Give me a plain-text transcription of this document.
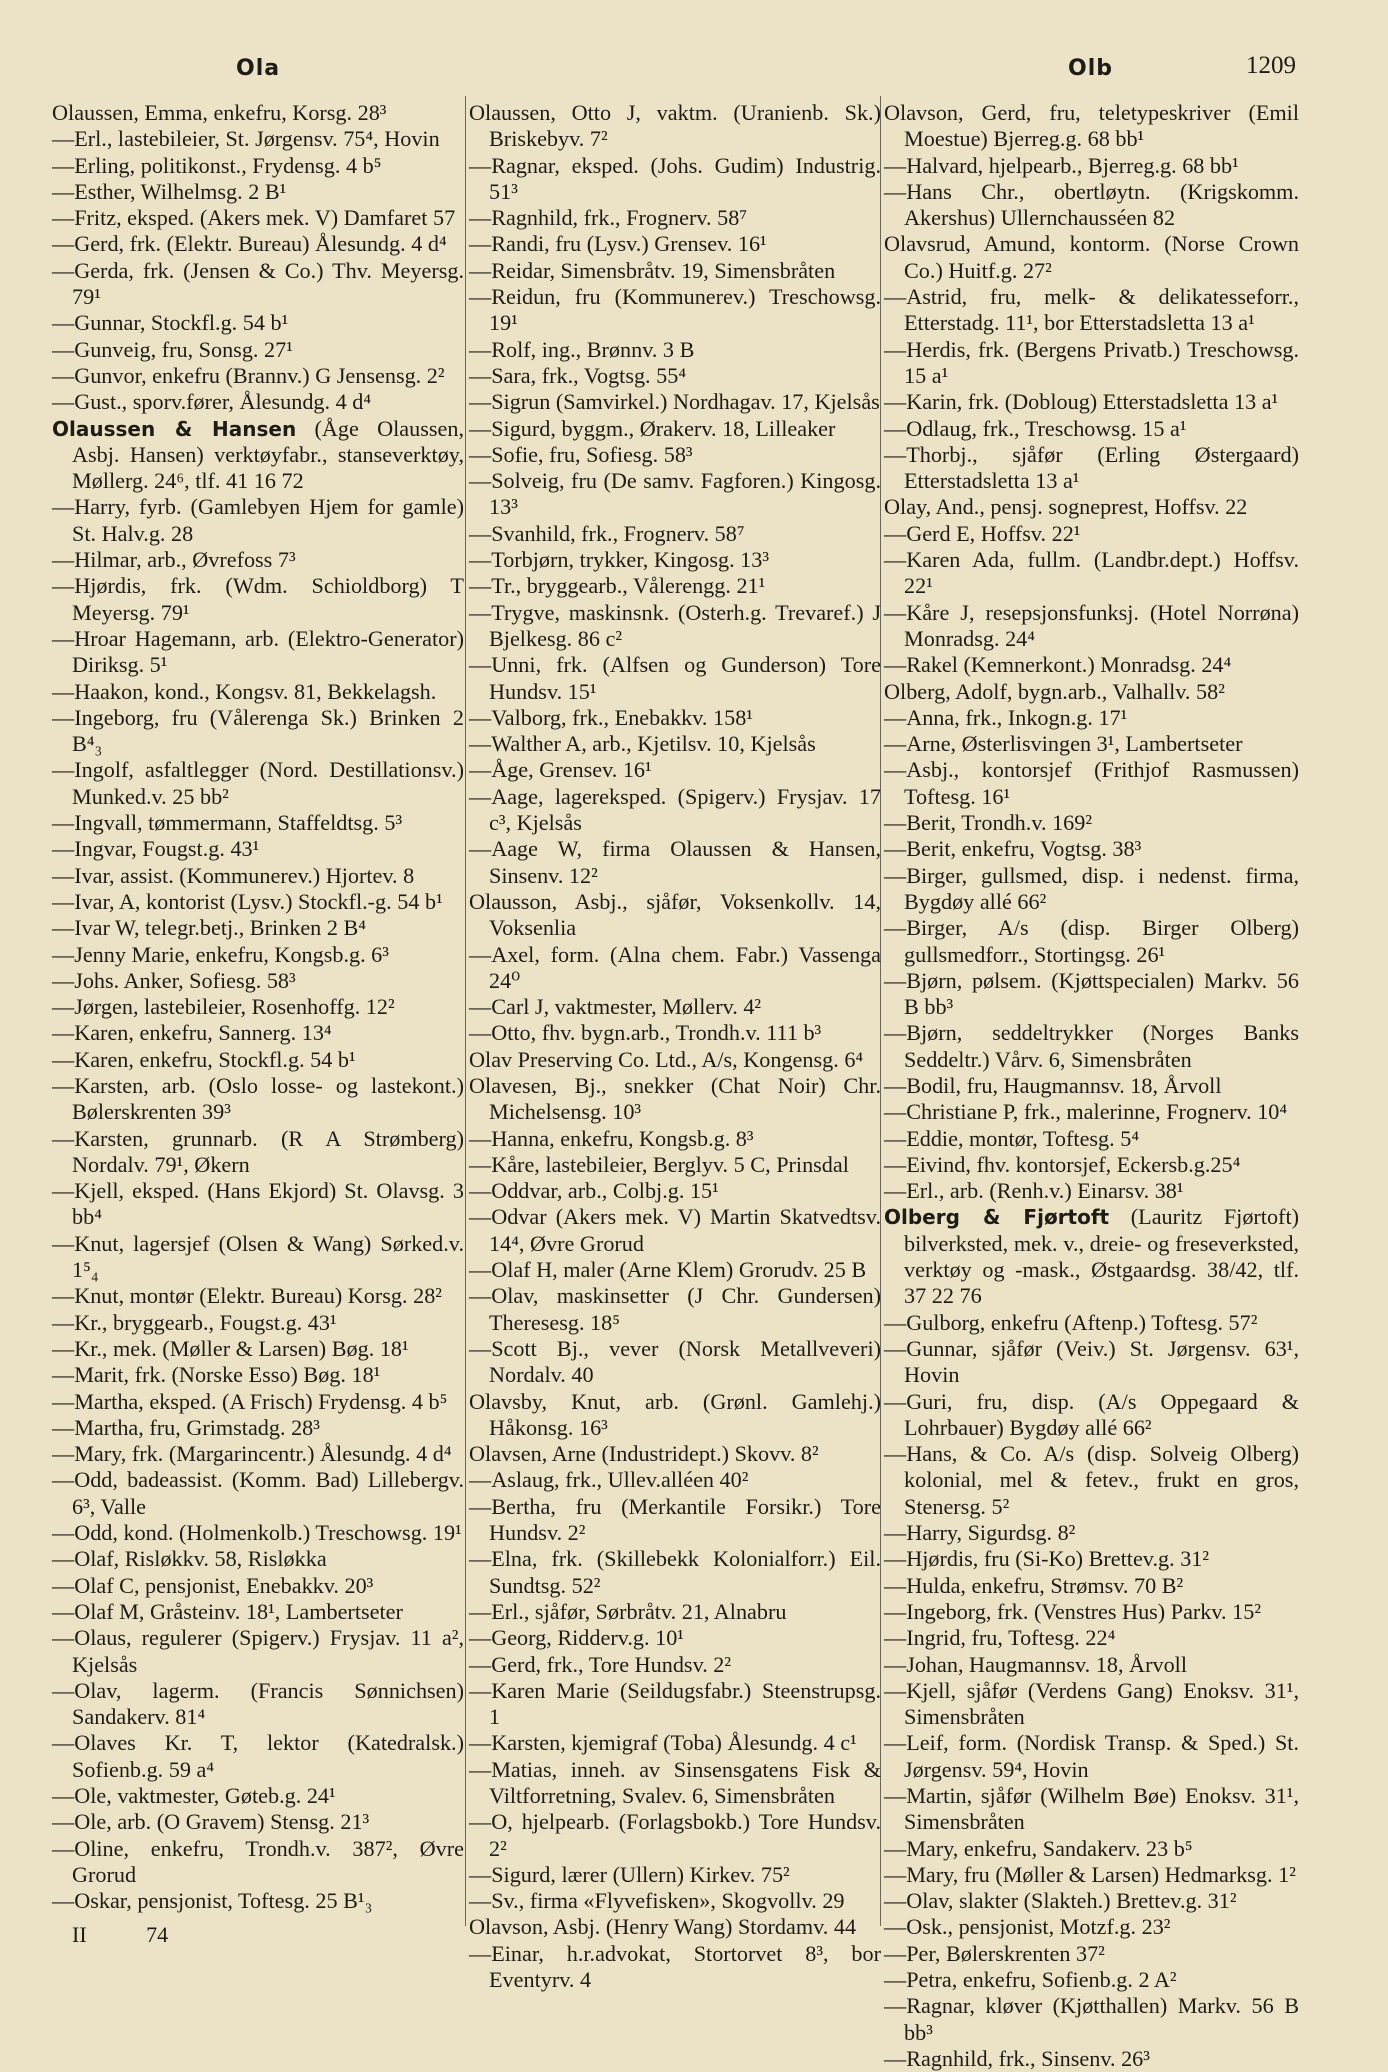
Ola	Olb	1209
Olaussen, Emma, enkefru, Korsg. 28³
—Erl., lastebileier, St. Jørgensv. 75⁴, Hovin
—Erling, politikonst., Frydensg. 4 b⁵
—Esther, Wilhelmsg. 2 B¹
—Fritz, eksped. (Akers mek. V) Damfaret 57
—Gerd, frk. (Elektr. Bureau) Ålesundg. 4 d⁴
—Gerda, frk. (Jensen & Co.) Thv. Meyersg. 79¹
—Gunnar, Stockfl.g. 54 b¹
—Gunveig, fru, Sonsg. 27¹
—Gunvor, enkefru (Brannv.) G Jensensg. 2²
—Gust., sporv.fører, Ålesundg. 4 d⁴
Olaussen & Hansen (Åge Olaussen, Asbj. Hansen) verktøyfabr., stanseverktøy, Møllerg. 24⁶, tlf. 41 16 72
—Harry, fyrb. (Gamlebyen Hjem for gamle) St. Halv.g. 28
—Hilmar, arb., Øvrefoss 7³
—Hjørdis, frk. (Wdm. Schioldborg) T Meyersg. 79¹
—Hroar Hagemann, arb. (Elektro-Generator) Diriksg. 5¹
—Haakon, kond., Kongsv. 81, Bekkelagsh.
—Ingeborg, fru (Vålerenga Sk.) Brinken 2 B⁴₃
—Ingolf, asfaltlegger (Nord. Destillationsv.) Munked.v. 25 bb²
—Ingvall, tømmermann, Staffeldtsg. 5³
—Ingvar, Fougst.g. 43¹
—Ivar, assist. (Kommunerev.) Hjortev. 8
—Ivar, A, kontorist (Lysv.) Stockfl.-g. 54 b¹
—Ivar W, telegr.betj., Brinken 2 B⁴
—Jenny Marie, enkefru, Kongsb.g. 6³
—Johs. Anker, Sofiesg. 58³
—Jørgen, lastebileier, Rosenhoffg. 12²
—Karen, enkefru, Sannerg. 13⁴
—Karen, enkefru, Stockfl.g. 54 b¹
—Karsten, arb. (Oslo losse- og lastekont.) Bølerskrenten 39³
—Karsten, grunnarb. (R A Strømberg) Nordalv. 79¹, Økern
—Kjell, eksped. (Hans Ekjord) St. Olavsg. 3 bb⁴
—Knut, lagersjef (Olsen & Wang) Sørked.v. 1⁵₄
—Knut, montør (Elektr. Bureau) Korsg. 28²
—Kr., bryggearb., Fougst.g. 43¹
—Kr., mek. (Møller & Larsen) Bøg. 18¹
—Marit, frk. (Norske Esso) Bøg. 18¹
—Martha, eksped. (A Frisch) Frydensg. 4 b⁵
—Martha, fru, Grimstadg. 28³
—Mary, frk. (Margarincentr.) Ålesundg. 4 d⁴
—Odd, badeassist. (Komm. Bad) Lillebergv. 6³, Valle
—Odd, kond. (Holmenkolb.) Treschowsg. 19¹
—Olaf, Risløkkv. 58, Risløkka
—Olaf C, pensjonist, Enebakkv. 20³
—Olaf M, Gråsteinv. 18¹, Lambertseter
—Olaus, regulerer (Spigerv.) Frysjav. 11 a², Kjelsås
—Olav, lagerm. (Francis Sønnichsen) Sandakerv. 81⁴
—Olaves Kr. T, lektor (Katedralsk.) Sofienb.g. 59 a⁴
—Ole, vaktmester, Gøteb.g. 24¹
—Ole, arb. (O Gravem) Stensg. 21³
—Oline, enkefru, Trondh.v. 387², Øvre Grorud
—Oskar, pensjonist, Toftesg. 25 B¹₃
Olaussen, Otto J, vaktm. (Uranienb. Sk.) Briskebyv. 7²
—Ragnar, eksped. (Johs. Gudim) Industrig. 51³
—Ragnhild, frk., Frognerv. 58⁷
—Randi, fru (Lysv.) Grensev. 16¹
—Reidar, Simensbråtv. 19, Simensbråten
—Reidun, fru (Kommunerev.) Treschowsg. 19¹
—Rolf, ing., Brønnv. 3 B
—Sara, frk., Vogtsg. 55⁴
—Sigrun (Samvirkel.) Nordhagav. 17, Kjelsås
—Sigurd, byggm., Ørakerv. 18, Lilleaker
—Sofie, fru, Sofiesg. 58³
—Solveig, fru (De samv. Fagforen.) Kingosg. 13³
—Svanhild, frk., Frognerv. 58⁷
—Torbjørn, trykker, Kingosg. 13³
—Tr., bryggearb., Vålerengg. 21¹
—Trygve, maskinsnk. (Osterh.g. Trevaref.) J Bjelkesg. 86 c²
—Unni, frk. (Alfsen og Gunderson) Tore Hundsv. 15¹
—Valborg, frk., Enebakkv. 158¹
—Walther A, arb., Kjetilsv. 10, Kjelsås
—Åge, Grensev. 16¹
—Aage, lagereksped. (Spigerv.) Frysjav. 17 c³, Kjelsås
—Aage W, firma Olaussen & Hansen, Sinsenv. 12²
Olausson, Asbj., sjåfør, Voksenkollv. 14, Voksenlia
—Axel, form. (Alna chem. Fabr.) Vassenga 24⁰
—Carl J, vaktmester, Møllerv. 4²
—Otto, fhv. bygn.arb., Trondh.v. 111 b³
Olav Preserving Co. Ltd., A/s, Kongensg. 6⁴
Olavesen, Bj., snekker (Chat Noir) Chr. Michelsensg. 10³
—Hanna, enkefru, Kongsb.g. 8³
—Kåre, lastebileier, Berglyv. 5 C, Prinsdal
—Oddvar, arb., Colbj.g. 15¹
—Odvar (Akers mek. V) Martin Skatvedtsv. 14⁴, Øvre Grorud
—Olaf H, maler (Arne Klem) Grorudv. 25 B
—Olav, maskinsetter (J Chr. Gundersen) Theresesg. 18⁵
—Scott Bj., vever (Norsk Metallveveri) Nordalv. 40
Olavsby, Knut, arb. (Grønl. Gamlehj.) Håkonsg. 16³
Olavsen, Arne (Industridept.) Skovv. 8²
—Aslaug, frk., Ullev.alléen 40²
—Bertha, fru (Merkantile Forsikr.) Tore Hundsv. 2²
—Elna, frk. (Skillebekk Kolonialforr.) Eil. Sundtsg. 52²
—Erl., sjåfør, Sørbråtv. 21, Alnabru
—Georg, Ridderv.g. 10¹
—Gerd, frk., Tore Hundsv. 2²
—Karen Marie (Seildugsfabr.) Steenstrupsg. 1
—Karsten, kjemigraf (Toba) Ålesundg. 4 c¹
—Matias, inneh. av Sinsensgatens Fisk & Viltforretning, Svalev. 6, Simensbråten
—O, hjelpearb. (Forlagsbokb.) Tore Hundsv. 2²
—Sigurd, lærer (Ullern) Kirkev. 75²
—Sv., firma «Flyvefisken», Skogvollv. 29
Olavson, Asbj. (Henry Wang) Stordamv. 44
—Einar, h.r.advokat, Stortorvet 8³, bor Eventyrv. 4
Olavson, Gerd, fru, teletypeskriver (Emil Moestue) Bjerreg.g. 68 bb¹
—Halvard, hjelpearb., Bjerreg.g. 68 bb¹
—Hans Chr., obertløytn. (Krigskomm. Akershus) Ullernchausséen 82
Olavsrud, Amund, kontorm. (Norse Crown Co.) Huitf.g. 27²
—Astrid, fru, melk- & delikatesseforr., Etterstadg. 11¹, bor Etterstadsletta 13 a¹
—Herdis, frk. (Bergens Privatb.) Treschowsg. 15 a¹
—Karin, frk. (Dobloug) Etterstadsletta 13 a¹
—Odlaug, frk., Treschowsg. 15 a¹
—Thorbj., sjåfør (Erling Østergaard) Etterstadsletta 13 a¹
Olay, And., pensj. sogneprest, Hoffsv. 22
—Gerd E, Hoffsv. 22¹
—Karen Ada, fullm. (Landbr.dept.) Hoffsv. 22¹
—Kåre J, resepsjonsfunksj. (Hotel Norrøna) Monradsg. 24⁴
—Rakel (Kemnerkont.) Monradsg. 24⁴
Olberg, Adolf, bygn.arb., Valhallv. 58²
—Anna, frk., Inkogn.g. 17¹
—Arne, Østerlisvingen 3¹, Lambertseter
—Asbj., kontorsjef (Frithjof Rasmussen) Toftesg. 16¹
—Berit, Trondh.v. 169²
—Berit, enkefru, Vogtsg. 38³
—Birger, gullsmed, disp. i nedenst. firma, Bygdøy allé 66²
—Birger, A/s (disp. Birger Olberg) gullsmedforr., Stortingsg. 26¹
—Bjørn, pølsem. (Kjøttspecialen) Markv. 56 B bb³
—Bjørn, seddeltrykker (Norges Banks Seddeltr.) Vårv. 6, Simensbråten
—Bodil, fru, Haugmannsv. 18, Årvoll
—Christiane P, frk., malerinne, Frognerv. 10⁴
—Eddie, montør, Toftesg. 5⁴
—Eivind, fhv. kontorsjef, Eckersb.g.25⁴
—Erl., arb. (Renh.v.) Einarsv. 38¹
Olberg & Fjørtoft (Lauritz Fjørtoft) bilverksted, mek. v., dreie- og freseverksted, verktøy og -mask., Østgaardsg. 38/42, tlf. 37 22 76
—Gulborg, enkefru (Aftenp.) Toftesg. 57²
—Gunnar, sjåfør (Veiv.) St. Jørgensv. 63¹, Hovin
—Guri, fru, disp. (A/s Oppegaard & Lohrbauer) Bygdøy allé 66²
—Hans, & Co. A/s (disp. Solveig Olberg) kolonial, mel & fetev., frukt en gros, Stenersg. 5²
—Harry, Sigurdsg. 8²
—Hjørdis, fru (Si-Ko) Brettev.g. 31²
—Hulda, enkefru, Strømsv. 70 B²
—Ingeborg, frk. (Venstres Hus) Parkv. 15²
—Ingrid, fru, Toftesg. 22⁴
—Johan, Haugmannsv. 18, Årvoll
—Kjell, sjåfør (Verdens Gang) Enoksv. 31¹, Simensbråten
—Leif, form. (Nordisk Transp. & Sped.) St. Jørgensv. 59⁴, Hovin
—Martin, sjåfør (Wilhelm Bøe) Enoksv. 31¹, Simensbråten
—Mary, enkefru, Sandakerv. 23 b⁵
—Mary, fru (Møller & Larsen) Hedmarksg. 1²
—Olav, slakter (Slakteh.) Brettev.g. 31²
—Osk., pensjonist, Motzf.g. 23²
—Per, Bølerskrenten 37²
—Petra, enkefru, Sofienb.g. 2 A²
—Ragnar, kløver (Kjøtthallen) Markv. 56 B bb³
—Ragnhild, frk., Sinsenv. 26³
II	74
